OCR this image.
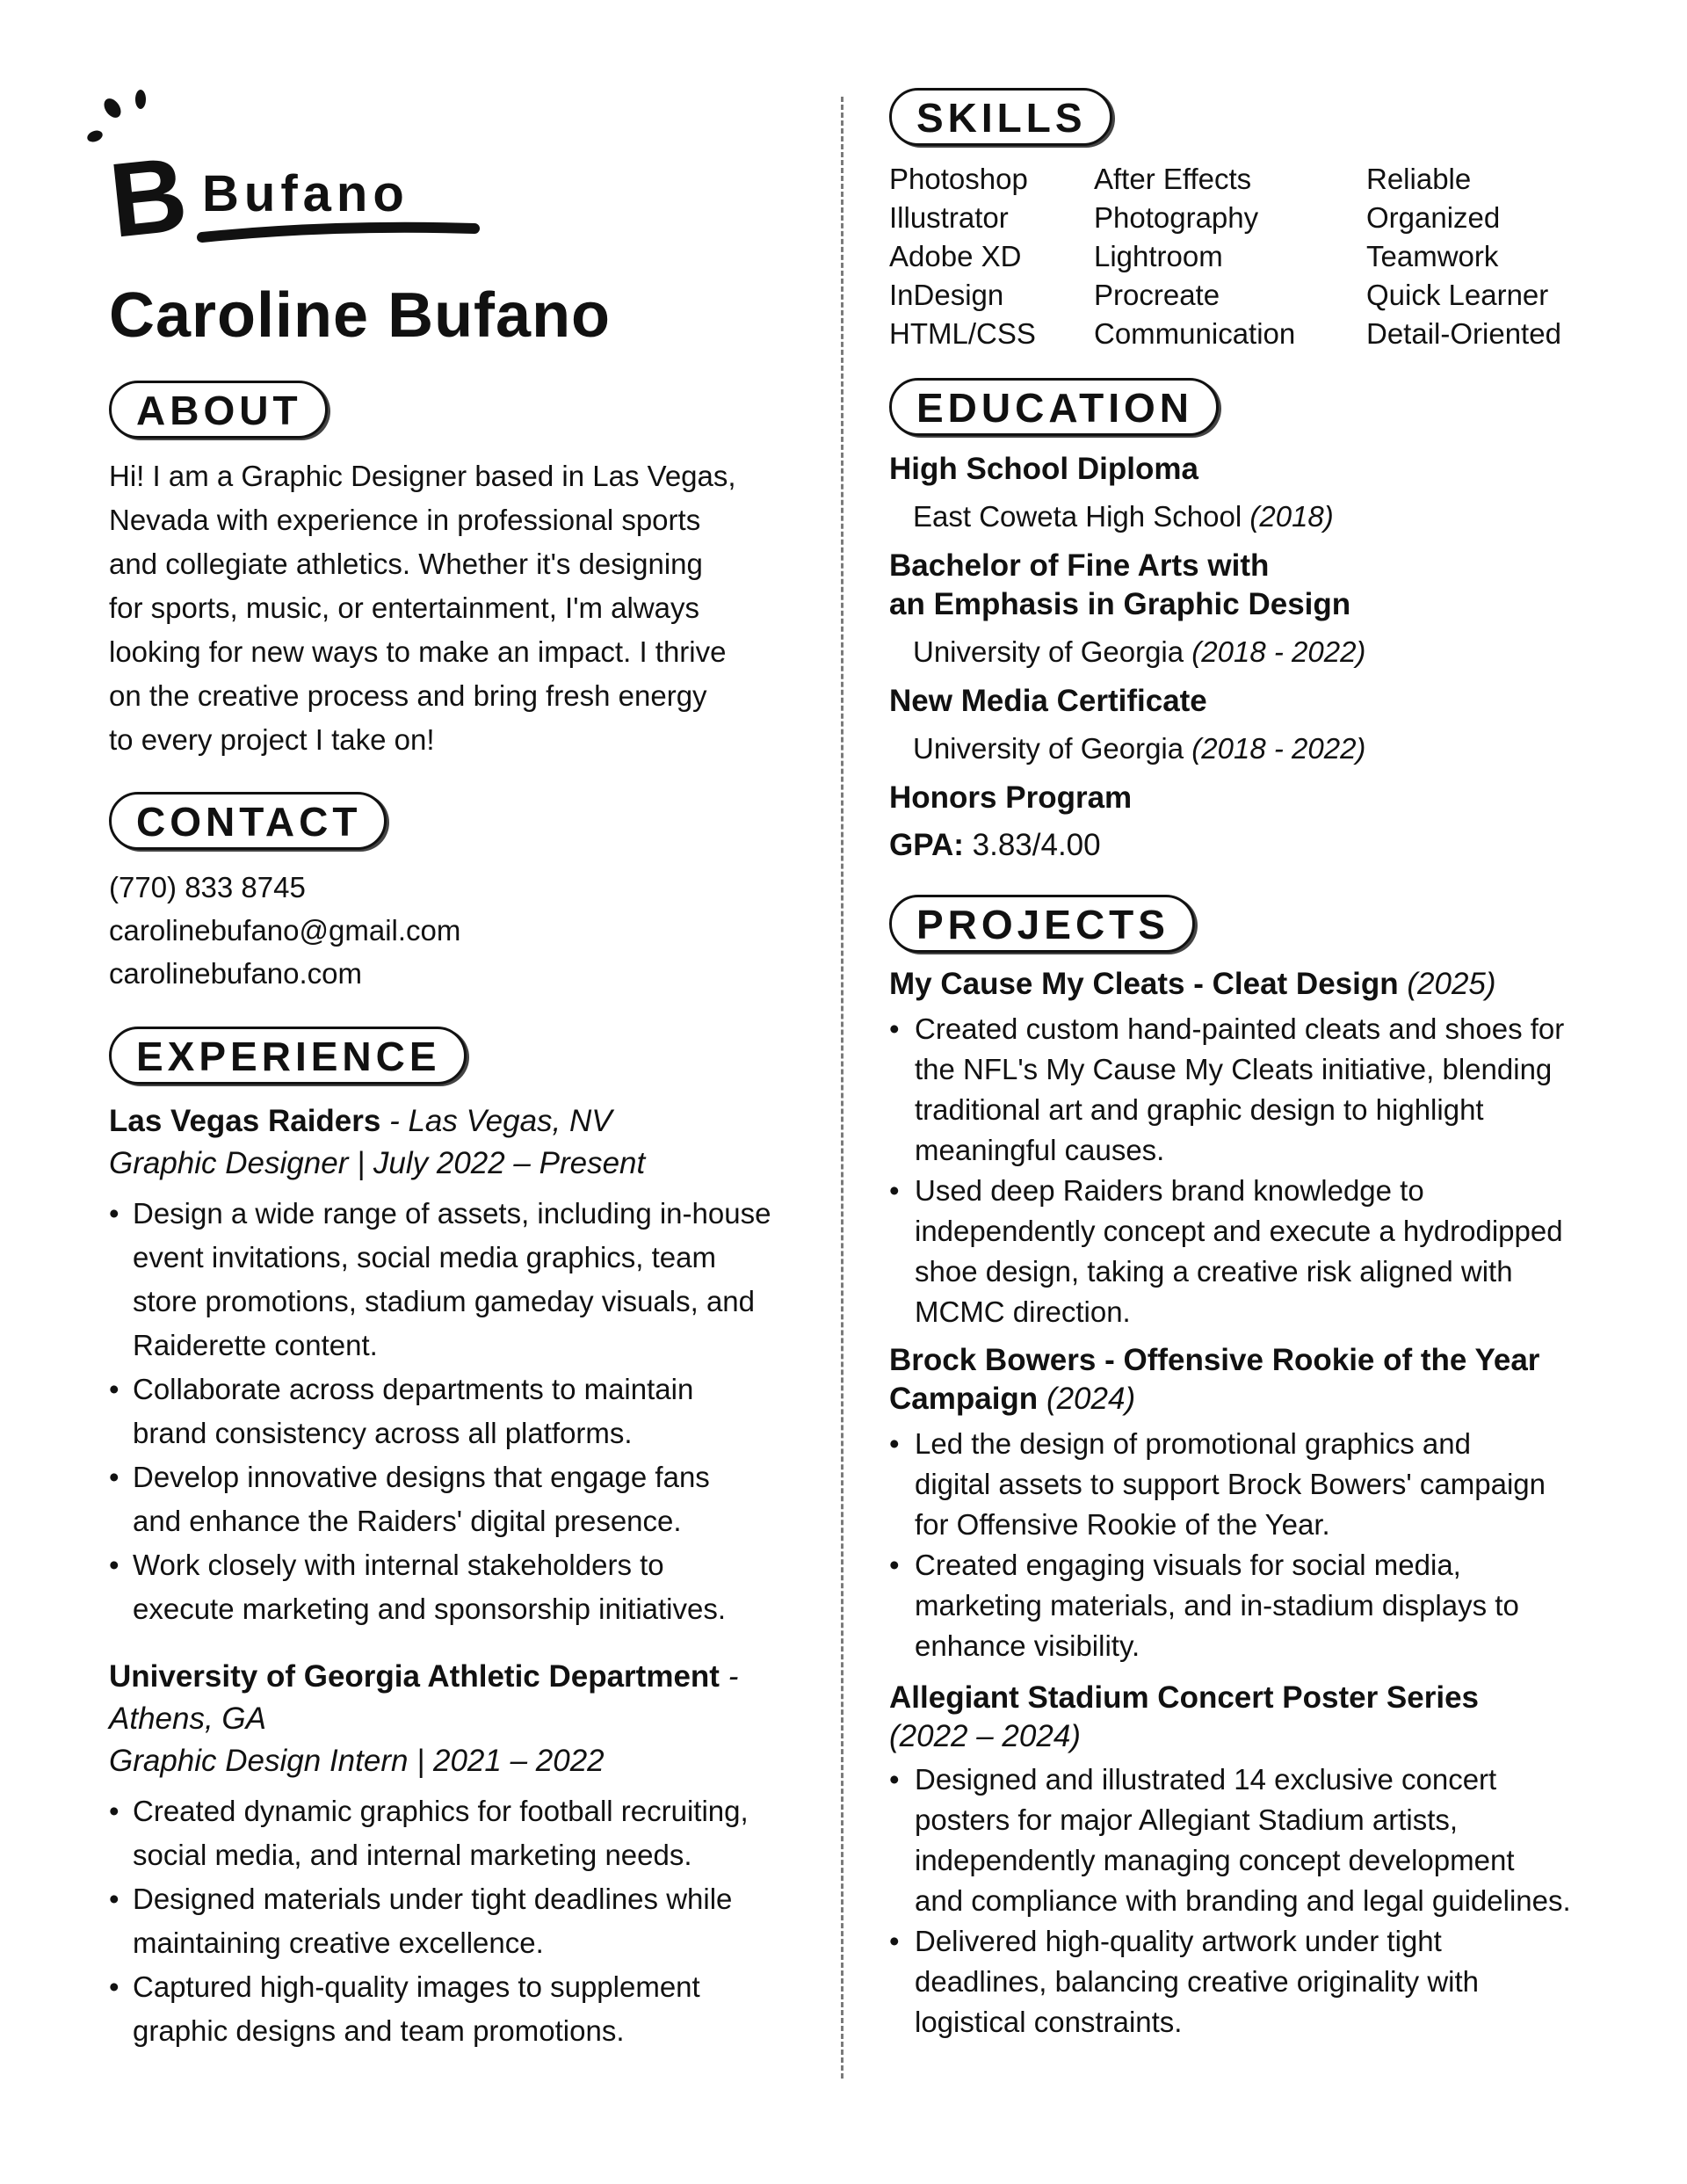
B Bufano
Caroline Bufano
ABOUT

Hi! I am a Graphic Designer based in Las Vegas,

Nevada with experience in professional sports

and collegiate athletics. Whether it's designing

for sports, music, or entertainment, I'm always

looking for new ways to make an impact. I thrive

on the creative process and bring fresh energy

to every project I take on!

CONTACT

(770) 833 8745

carolinebufano@gmail.com

carolinebufano.com

EXPERIENCE

Las Vegas Raiders - Las Vegas, NV

Graphic Designer | July 2022 – Present

• Design a wide range of assets, including in-house
event invitations, social media graphics, team
store promotions, stadium gameday visuals, and
Raiderette content.
• Collaborate across departments to maintain
brand consistency across all platforms.
• Develop innovative designs that engage fans
and enhance the Raiders' digital presence.
• Work closely with internal stakeholders to
execute marketing and sponsorship initiatives.

University of Georgia Athletic Department -

Athens, GA

Graphic Design Intern | 2021 – 2022

• Created dynamic graphics for football recruiting,
social media, and internal marketing needs.
• Designed materials under tight deadlines while
maintaining creative excellence.
• Captured high-quality images to supplement
graphic designs and team promotions.
SKILLS
Photoshop
Illustrator
Adobe XD
InDesign
HTML/CSS
After Effects
Photography
Lightroom
Procreate
Communication
Reliable
Organized
Teamwork
Quick Learner
Detail-Oriented
EDUCATION

High School Diploma

East Coweta High School (2018)

Bachelor of Fine Arts with

an Emphasis in Graphic Design

University of Georgia (2018 - 2022)

New Media Certificate

University of Georgia (2018 - 2022)

Honors Program

GPA: 3.83/4.00

PROJECTS

My Cause My Cleats - Cleat Design (2025)

• Created custom hand-painted cleats and shoes for
the NFL's My Cause My Cleats initiative, blending
traditional art and graphic design to highlight
meaningful causes.
• Used deep Raiders brand knowledge to
independently concept and execute a hydrodipped
shoe design, taking a creative risk aligned with
MCMC direction.

Brock Bowers - Offensive Rookie of the Year

Campaign (2024)

• Led the design of promotional graphics and
digital assets to support Brock Bowers' campaign
for Offensive Rookie of the Year.
• Created engaging visuals for social media,
marketing materials, and in-stadium displays to
enhance visibility.

Allegiant Stadium Concert Poster Series

(2022 – 2024)

• Designed and illustrated 14 exclusive concert
posters for major Allegiant Stadium artists,
independently managing concept development
and compliance with branding and legal guidelines.
• Delivered high-quality artwork under tight
deadlines, balancing creative originality with
logistical constraints.
